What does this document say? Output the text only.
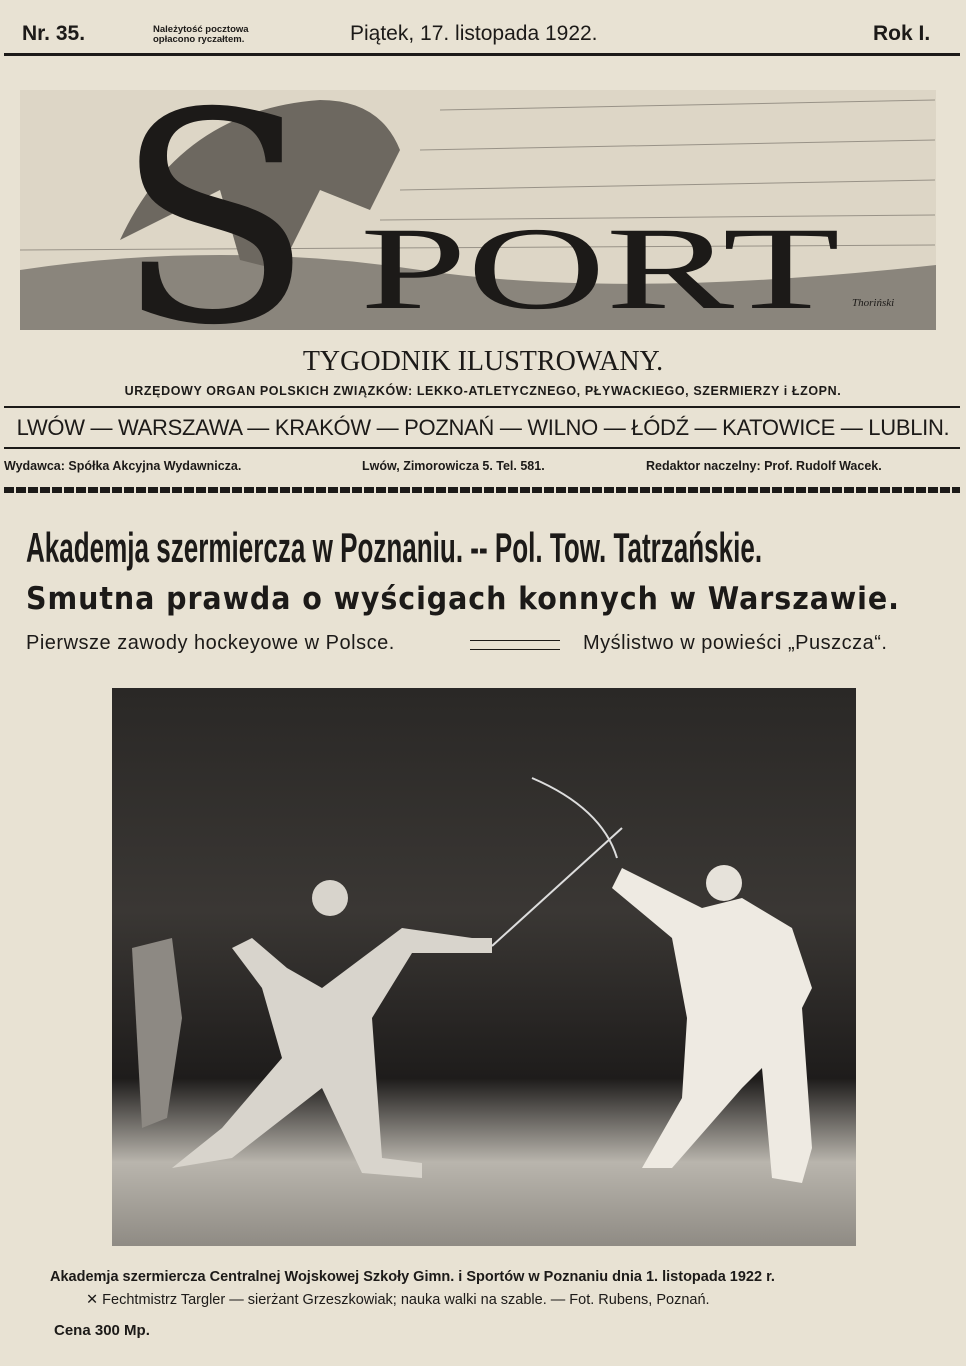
Nr. 35.	Należytość pocztowa
opłacono ryczałtem.	Piątek, 17. listopada 1922.	Rok I.
S PORT Thoriński
TYGODNIK ILUSTROWANY.
URZĘDOWY ORGAN POLSKICH ZWIĄZKÓW: LEKKO-ATLETYCZNEGO, PŁYWACKIEGO, SZERMIERZY i ŁZOPN.
LWÓW — WARSZAWA — KRAKÓW — POZNAŃ — WILNO — ŁÓDŹ — KATOWICE — LUBLIN.
Wydawca: Spółka Akcyjna Wydawnicza.	Lwów, Zimorowicza 5. Tel. 581.	Redaktor naczelny: Prof. Rudolf Wacek.
Akademja szermiercza w Poznaniu. -- Pol. Tow. Tatrzańskie.
Smutna prawda o wyścigach konnych w Warszawie.
Pierwsze zawody hockeyowe w Polsce.	Myślistwo w powieści „Puszcza“.
Akademja szermiercza Centralnej Wojskowej Szkoły Gimn. i Sportów w Poznaniu dnia 1. listopada 1922 r.
✕ Fechtmistrz Targler — sierżant Grzeszkowiak; nauka walki na szable. — Fot. Rubens, Poznań.
Cena 300 Mp.
